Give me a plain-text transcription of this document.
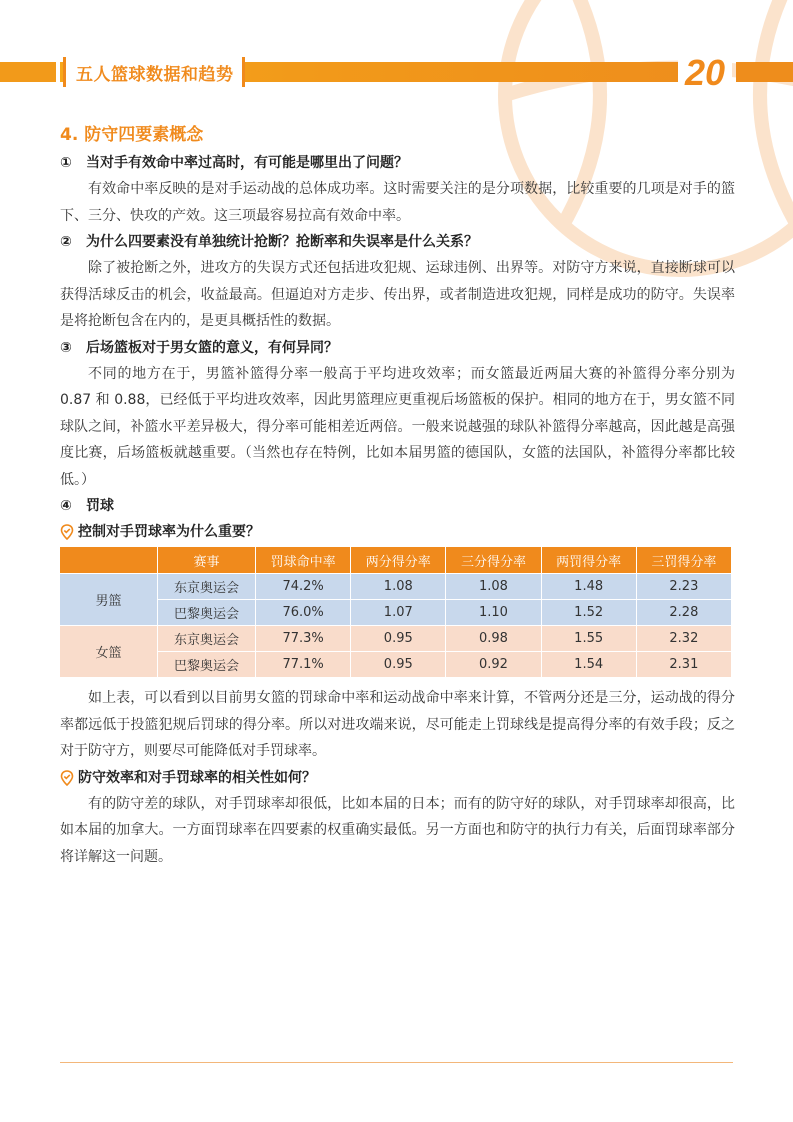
五人篮球数据和趋势	20
4. 防守四要素概念
①	当对手有效命中率过高时，有可能是哪里出了问题？
有效命中率反映的是对手运动战的总体成功率。这时需要关注的是分项数据，比较重要的几项是对手的篮下、三分、快攻的产效。这三项最容易拉高有效命中率。
②	为什么四要素没有单独统计抢断？抢断率和失误率是什么关系？
除了被抢断之外，进攻方的失误方式还包括进攻犯规、运球违例、出界等。对防守方来说，直接断球可以获得活球反击的机会，收益最高。但逼迫对方走步、传出界，或者制造进攻犯规，同样是成功的防守。失误率是将抢断包含在内的，是更具概括性的数据。
③	后场篮板对于男女篮的意义，有何异同？
不同的地方在于，男篮补篮得分率一般高于平均进攻效率；而女篮最近两届大赛的补篮得分率分别为 0.87 和 0.88，已经低于平均进攻效率，因此男篮理应更重视后场篮板的保护。相同的地方在于，男女篮不同球队之间，补篮水平差异极大，得分率可能相差近两倍。一般来说越强的球队补篮得分率越高，因此越是高强度比赛，后场篮板就越重要。（当然也存在特例，比如本届男篮的德国队，女篮的法国队，补篮得分率都比较低。）
④	罚球
控制对手罚球率为什么重要？
	赛事	罚球命中率	两分得分率	三分得分率	两罚得分率	三罚得分率
男篮	东京奥运会	74.2%	1.08	1.08	1.48	2.23
	巴黎奥运会	76.0%	1.07	1.10	1.52	2.28
女篮	东京奥运会	77.3%	0.95	0.98	1.55	2.32
	巴黎奥运会	77.1%	0.95	0.92	1.54	2.31
如上表，可以看到以目前男女篮的罚球命中率和运动战命中率来计算，不管两分还是三分，运动战的得分率都远低于投篮犯规后罚球的得分率。所以对进攻端来说，尽可能走上罚球线是提高得分率的有效手段；反之对于防守方，则要尽可能降低对手罚球率。
防守效率和对手罚球率的相关性如何？
有的防守差的球队，对手罚球率却很低，比如本届的日本；而有的防守好的球队，对手罚球率却很高，比如本届的加拿大。一方面罚球率在四要素的权重确实最低。另一方面也和防守的执行力有关，后面罚球率部分将详解这一问题。
